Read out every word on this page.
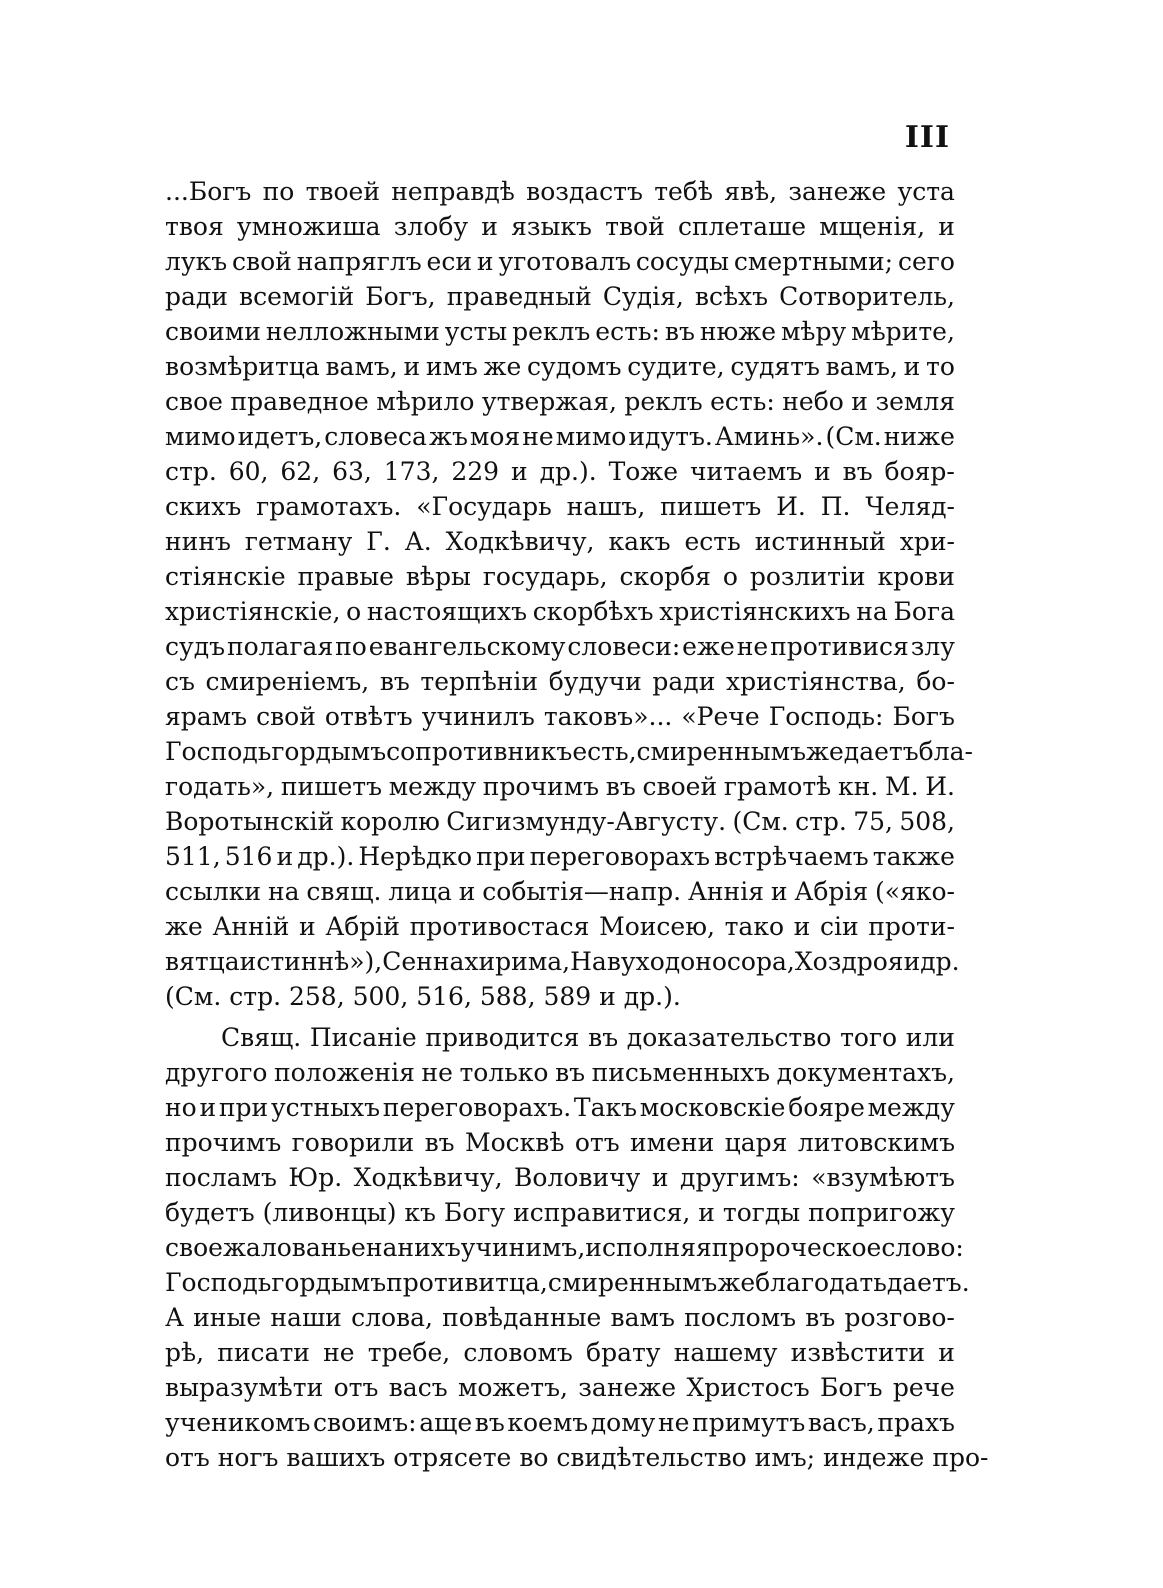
III
...Богъ по твоей неправдѣ воздастъ тебѣ явѣ, занеже уста
твоя умножиша злобу и языкъ твой сплеташе мщенія, и
лукъ свой напряглъ еси и уготовалъ сосуды смертными; сего
ради всемогій Богъ, праведный Судія, всѣхъ Сотворитель,
своими нелложными усты реклъ есть: въ нюже мѣру мѣрите,
возмѣритца вамъ, и имъ же судомъ судите, судятъ вамъ, и то
свое праведное мѣрило утвержая, реклъ есть: небо и земля
мимо идетъ, словеса жъ моя не мимо идутъ. Аминь». (См. ниже
стр. 60, 62, 63, 173, 229 и др.). Тоже читаемъ и въ бояр-
скихъ грамотахъ. «Государь нашъ, пишетъ И. П. Челяд-
нинъ гетману Г. А. Ходкѣвичу, какъ есть истинный хри-
стіянскіе правые вѣры государь, скорбя о розлитіи крови
христіянскіе, о настоящихъ скорбѣхъ христіянскихъ на Бога
судъ полагая по евангельскому словеси: еже не противися злу
съ смиреніемъ, въ терпѣніи будучи ради христіянства, бо-
ярамъ свой отвѣтъ учинилъ таковъ»... «Рече Господь: Богъ
Господь гордымъ сопротивникъ есть, смиреннымъ же даетъ бла-
годать», пишетъ между прочимъ въ своей грамотѣ кн. М. И.
Воротынскій королю Сигизмунду-Августу. (См. стр. 75, 508,
511, 516 и др.). Нерѣдко при переговорахъ встрѣчаемъ также
ссылки на свящ. лица и событія—напр. Аннія и Абрія («яко-
же Анній и Абрій противостася Моисею, тако и сіи проти-
вятца истиннѣ»), Сеннахирима, Навуходоносора, Хоздроя и др.
(См. стр. 258, 500, 516, 588, 589 и др.).
Свящ. Писаніе приводится въ доказательство того или
другого положенія не только въ письменныхъ документахъ,
но и при устныхъ переговорахъ. Такъ московскіе бояре между
прочимъ говорили въ Москвѣ отъ имени царя литовскимъ
посламъ Юр. Ходкѣвичу, Воловичу и другимъ: «взумѣютъ
будетъ (ливонцы) къ Богу исправитися, и тогды попригожу
свое жалованье на нихъ учинимъ, исполняя пророческое слово:
Господь гордымъ противитца, смиреннымъ же благодать даетъ.
А иные наши слова, повѣданные вамъ посломъ въ розгово-
рѣ, писати не требе, словомъ брату нашему извѣстити и
выразумѣти отъ васъ можетъ, занеже Христосъ Богъ рече
ученикомъ своимъ: аще въ коемъ дому не примутъ васъ, прахъ
отъ ногъ вашихъ отрясете во свидѣтельство имъ; индеже про-
